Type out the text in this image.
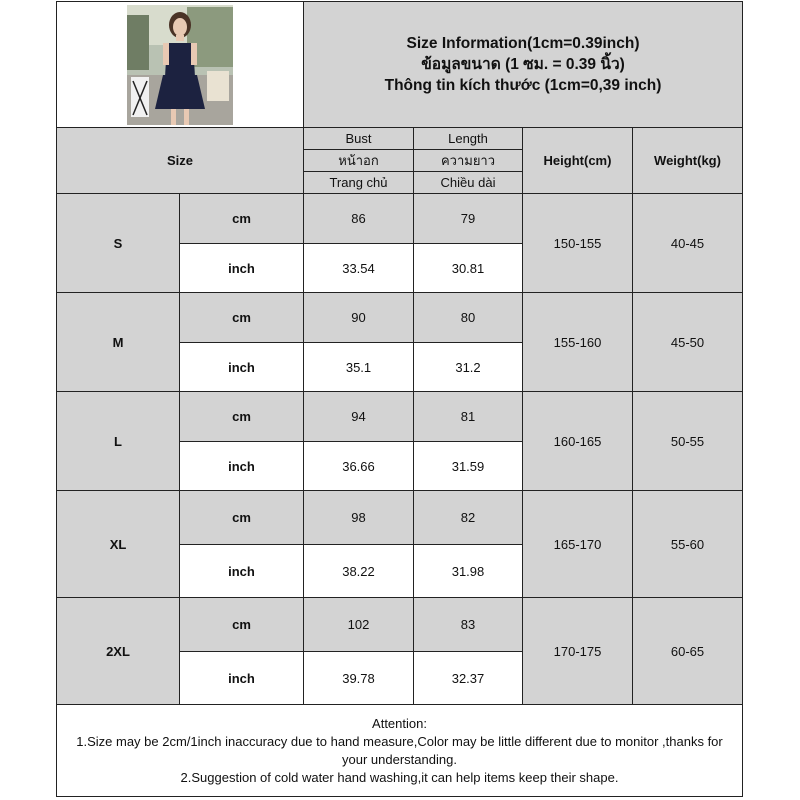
Size Information(1cm=0.39inch)
ข้อมูลขนาด (1 ซม. = 0.39 นิ้ว)
Thông tin kích thước (1cm=0,39 inch)			

Size		Bust	Length	Height(cm)	Weight(kg)
		หน้าอก	ความยาว		
		Trang chủ	Chiều dài		
S	cm	86	79	150-155	40-45
	inch	33.54	30.81		
M	cm	90	80	155-160	45-50
	inch	35.1	31.2		
L	cm	94	81	160-165	50-55
	inch	36.66	31.59		
XL	cm	98	82	165-170	55-60
	inch	38.22	31.98		
2XL	cm	102	83	170-175	60-65
	inch	39.78	32.37		

Attention:
1.Size may be 2cm/1inch inaccuracy due to hand measure,Color may be little different due to monitor ,thanks for your understanding.
2.Suggestion of cold water hand washing,it can help items keep their shape.					
